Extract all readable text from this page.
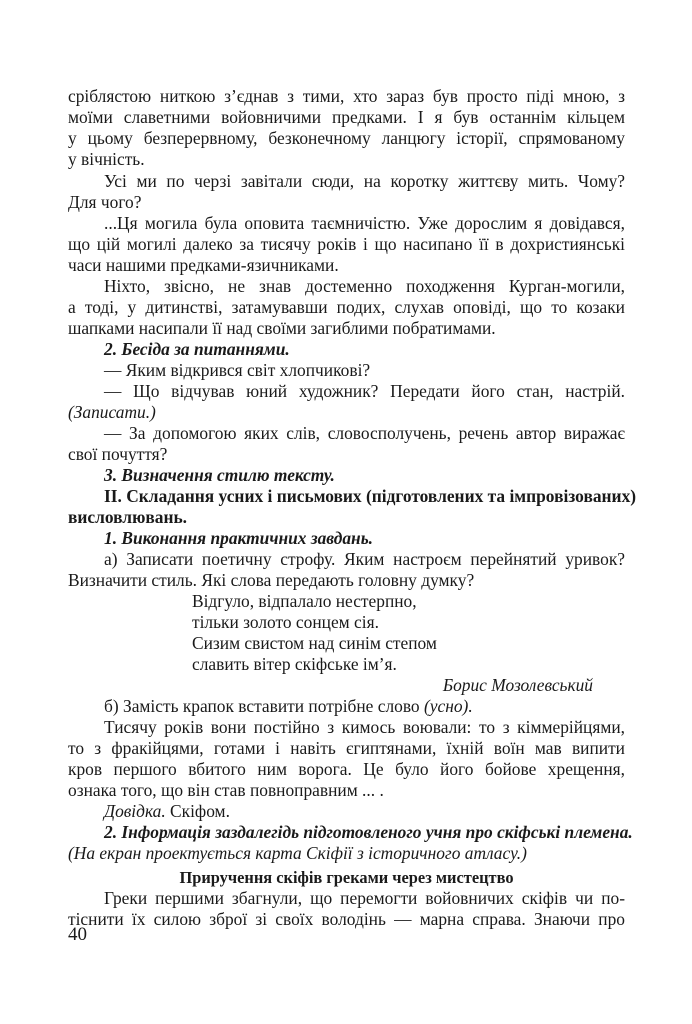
сріблястою ниткою з’єднав з тими, хто зараз був просто піді мною, з
моїми славетними войовничими предками. І я був останнім кільцем
у цьому безперервному, безконечному ланцюгу історії, спрямованому
у вічність.
Усі ми по черзі завітали сюди, на коротку життєву мить. Чому?
Для чого?
...Ця могила була оповита таємничістю. Уже дорослим я довідався,
що цій могилі далеко за тисячу років і що насипано її в дохристиянські
часи нашими предками-язичниками.
Ніхто, звісно, не знав достеменно походження Курган-могили,
а тоді, у дитинстві, затамувавши подих, слухав оповіді, що то козаки
шапками насипали її над своїми загиблими побратимами.
2. Бесіда за питаннями.
— Яким відкрився світ хлопчикові?
— Що відчував юний художник? Передати його стан, настрій.
(Записати.)
— За допомогою яких слів, словосполучень, речень автор виражає
свої почуття?
3. Визначення стилю тексту.
ІІ. Складання усних і письмових (підготовлених та імпровізованих)
висловлювань.
1. Виконання практичних завдань.
а) Записати поетичну строфу. Яким настроєм перейнятий уривок?
Визначити стиль. Які слова передають головну думку?
Відгуло, відпалало нестерпно,
тільки золото сонцем сія.
Сизим свистом над синім степом
славить вітер скіфське ім’я.
Борис Мозолевський
б) Замість крапок вставити потрібне слово (усно).
Тисячу років вони постійно з кимось воювали: то з кіммерійцями,
то з фракійцями, готами і навіть єгиптянами, їхній воїн мав випити
кров першого вбитого ним ворога. Це було його бойове хрещення,
ознака того, що він став повноправним ... .
Довідка. Скіфом.
2. Інформація заздалегідь підготовленого учня про скіфські племена.
(На екран проектується карта Скіфії з історичного атласу.)
Приручення скіфів греками через мистецтво
Греки першими збагнули, що перемогти войовничих скіфів чи по-
тіснити їх силою зброї зі своїх володінь — марна справа. Знаючи про
40
